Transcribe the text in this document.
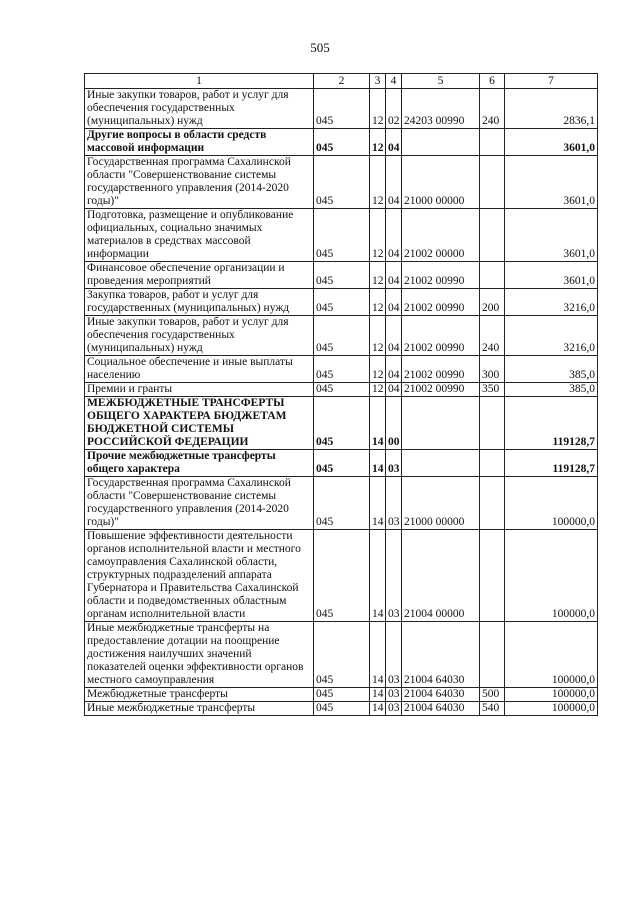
505
1	2	3	4	5	6	7
Иные закупки товаров, работ и услуг для обеспечения государственных (муниципальных) нужд	045	12	02	24203 00990	240	2836,1
Другие вопросы в области средств массовой информации	045	12	04			3601,0
Государственная программа Сахалинской области "Совершенствование системы государственного управления (2014-2020 годы)"	045	12	04	21000 00000		3601,0
Подготовка, размещение и опубликование официальных, социально значимых материалов в средствах массовой информации	045	12	04	21002 00000		3601,0
Финансовое обеспечение организации и проведения мероприятий	045	12	04	21002 00990		3601,0
Закупка товаров, работ и услуг для государственных (муниципальных) нужд	045	12	04	21002 00990	200	3216,0
Иные закупки товаров, работ и услуг для обеспечения государственных (муниципальных) нужд	045	12	04	21002 00990	240	3216,0
Социальное обеспечение и иные выплаты населению	045	12	04	21002 00990	300	385,0
Премии и гранты	045	12	04	21002 00990	350	385,0
МЕЖБЮДЖЕТНЫЕ ТРАНСФЕРТЫ ОБЩЕГО ХАРАКТЕРА БЮДЖЕТАМ БЮДЖЕТНОЙ СИСТЕМЫ РОССИЙСКОЙ ФЕДЕРАЦИИ	045	14	00			119128,7
Прочие межбюджетные трансферты общего характера	045	14	03			119128,7
Государственная программа Сахалинской области "Совершенствование системы государственного управления (2014-2020 годы)"	045	14	03	21000 00000		100000,0
Повышение эффективности деятельности органов исполнительной власти и местного самоуправления Сахалинской области, структурных подразделений аппарата Губернатора и Правительства Сахалинской области и подведомственных областным органам исполнительной власти	045	14	03	21004 00000		100000,0
Иные межбюджетные трансферты на предоставление дотации на поощрение достижения наилучших значений показателей оценки эффективности органов местного самоуправления	045	14	03	21004 64030		100000,0
Межбюджетные трансферты	045	14	03	21004 64030	500	100000,0
Иные межбюджетные трансферты	045	14	03	21004 64030	540	100000,0
